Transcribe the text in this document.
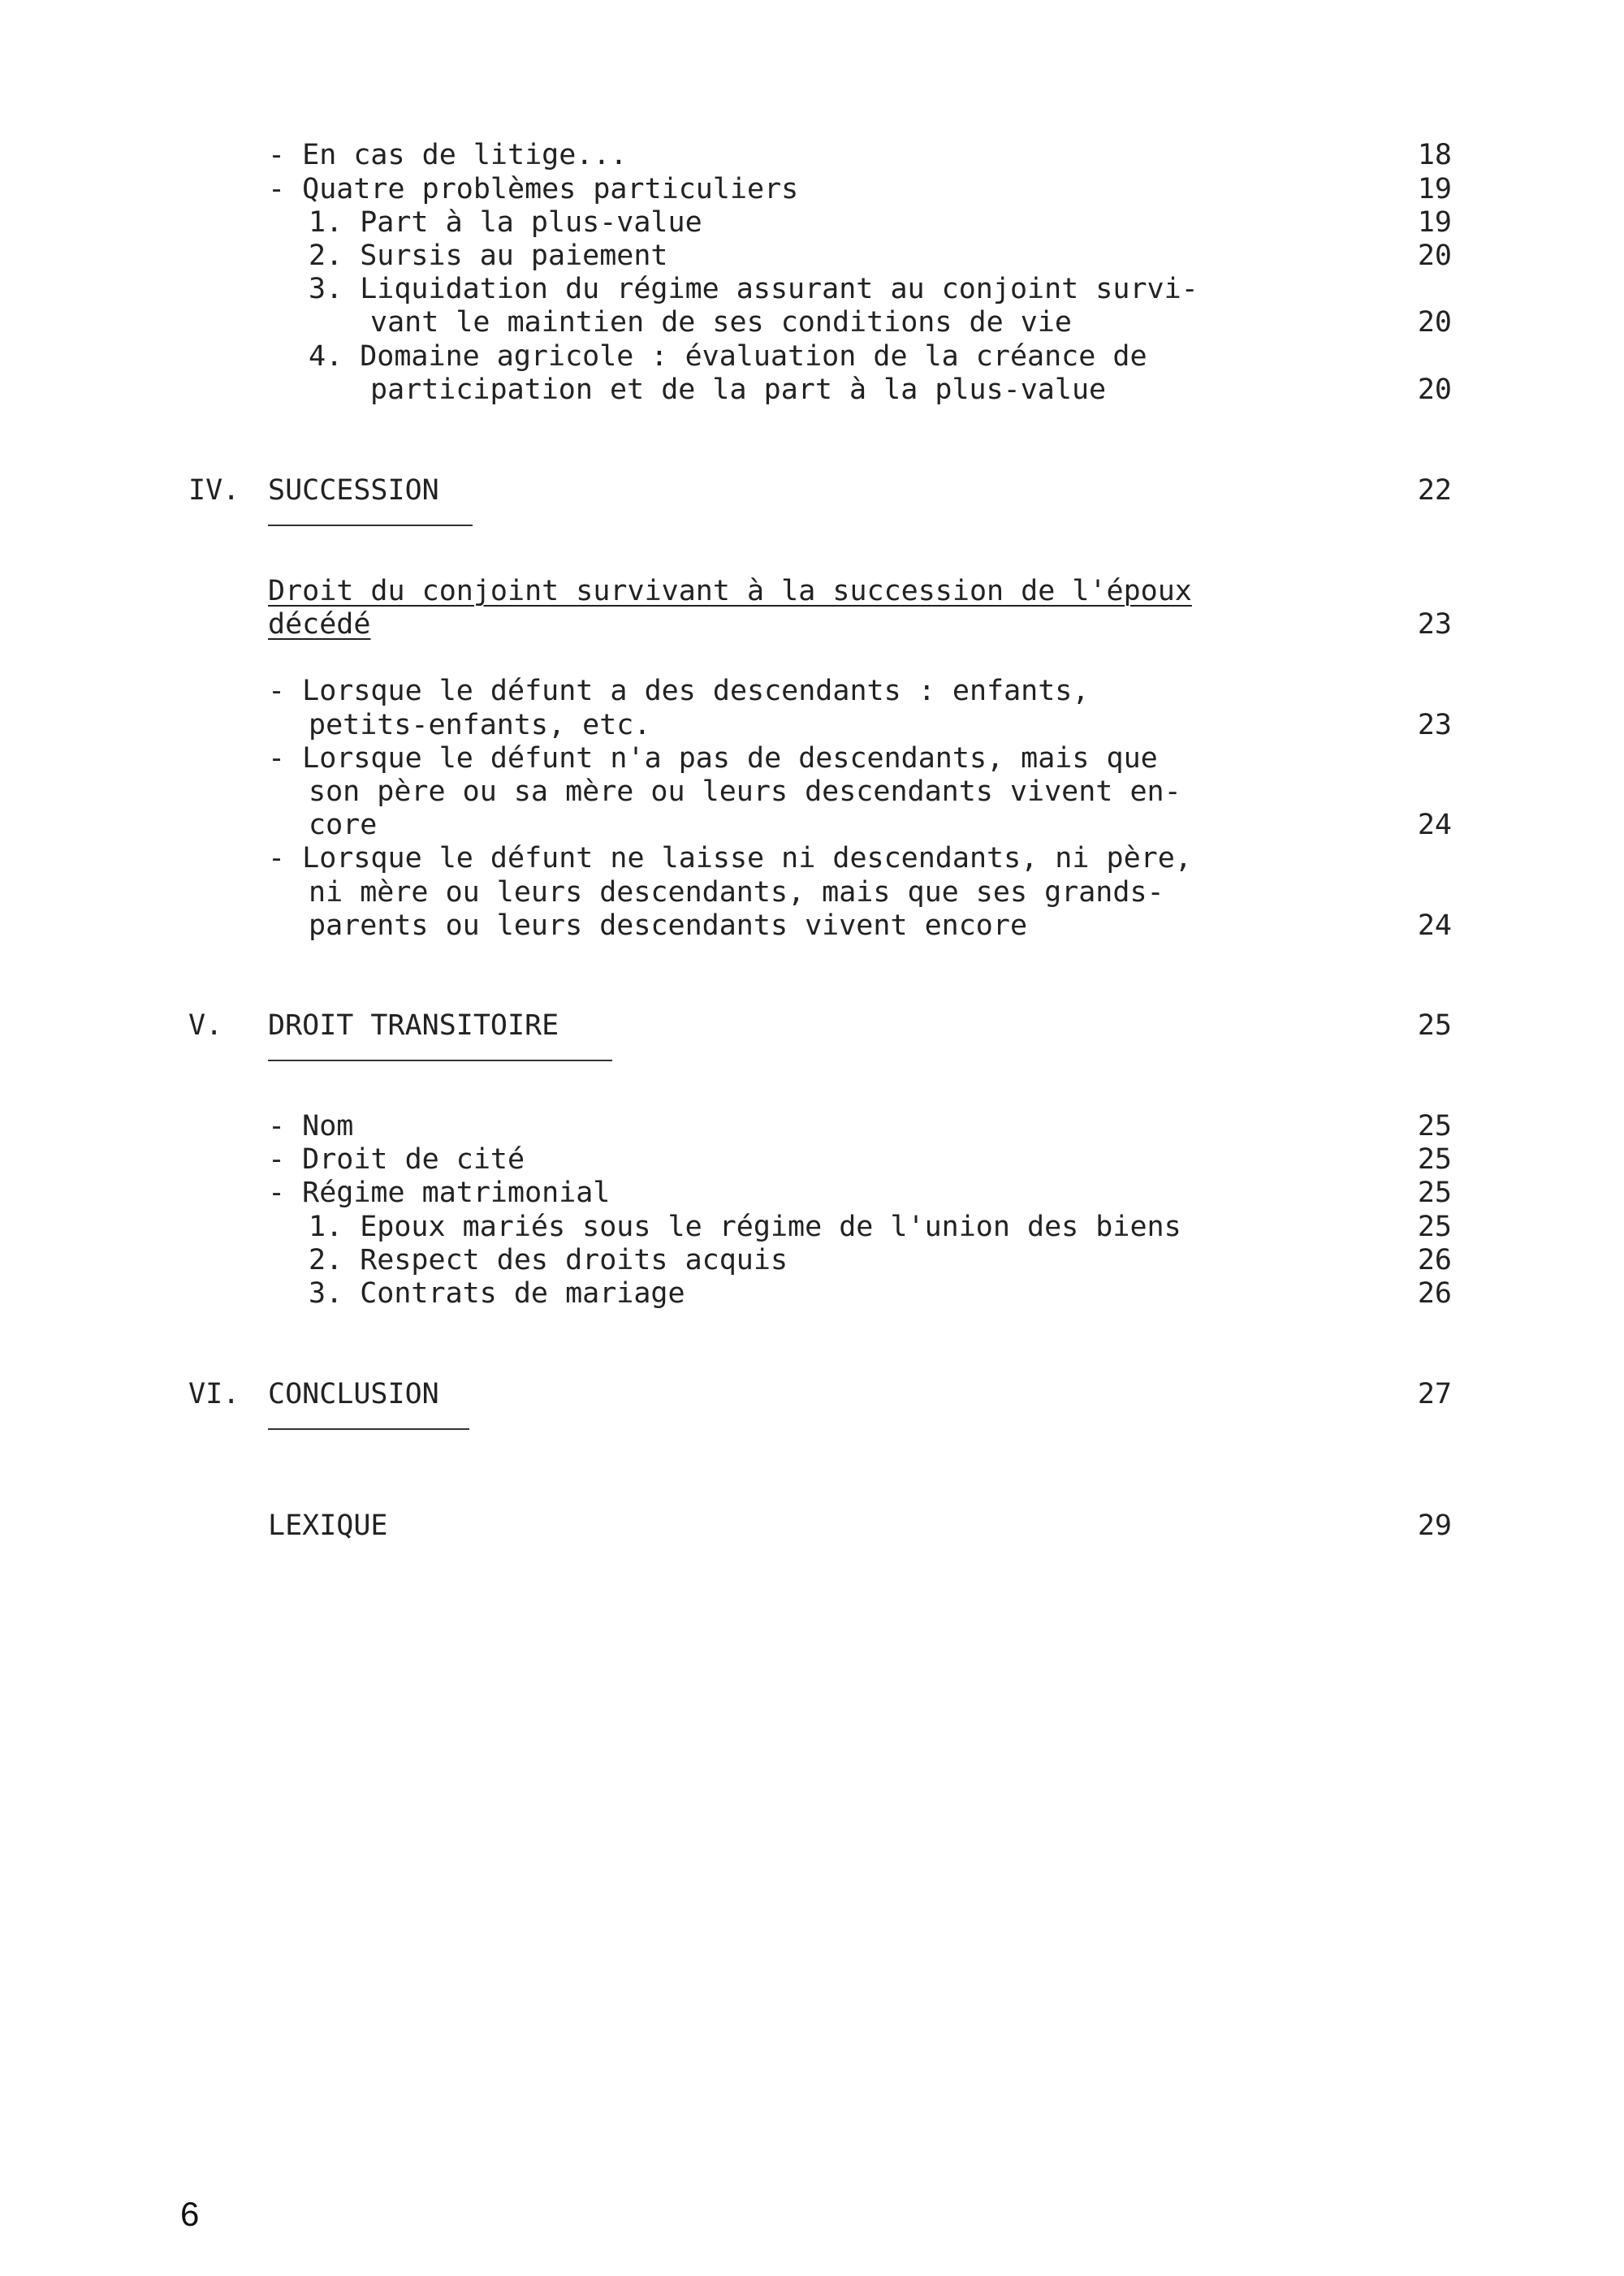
- En cas de litige...	18
- Quatre problèmes particuliers	19
1. Part à la plus-value	19
2. Sursis au paiement	20
3. Liquidation du régime assurant au conjoint survi-
vant le maintien de ses conditions de vie	20
4. Domaine agricole : évaluation de la créance de
participation et de la part à la plus-value	20
IV. SUCCESSION	22
Droit du conjoint survivant à la succession de l'époux
décédé	23
- Lorsque le défunt a des descendants : enfants,
petits-enfants, etc.	23
- Lorsque le défunt n'a pas de descendants, mais que
son père ou sa mère ou leurs descendants vivent en-
core	24
- Lorsque le défunt ne laisse ni descendants, ni père,
ni mère ou leurs descendants, mais que ses grands-
parents ou leurs descendants vivent encore	24
V. DROIT TRANSITOIRE	25
- Nom	25
- Droit de cité	25
- Régime matrimonial	25
1. Epoux mariés sous le régime de l'union des biens	25
2. Respect des droits acquis	26
3. Contrats de mariage	26
VI. CONCLUSION	27
LEXIQUE	29
6
